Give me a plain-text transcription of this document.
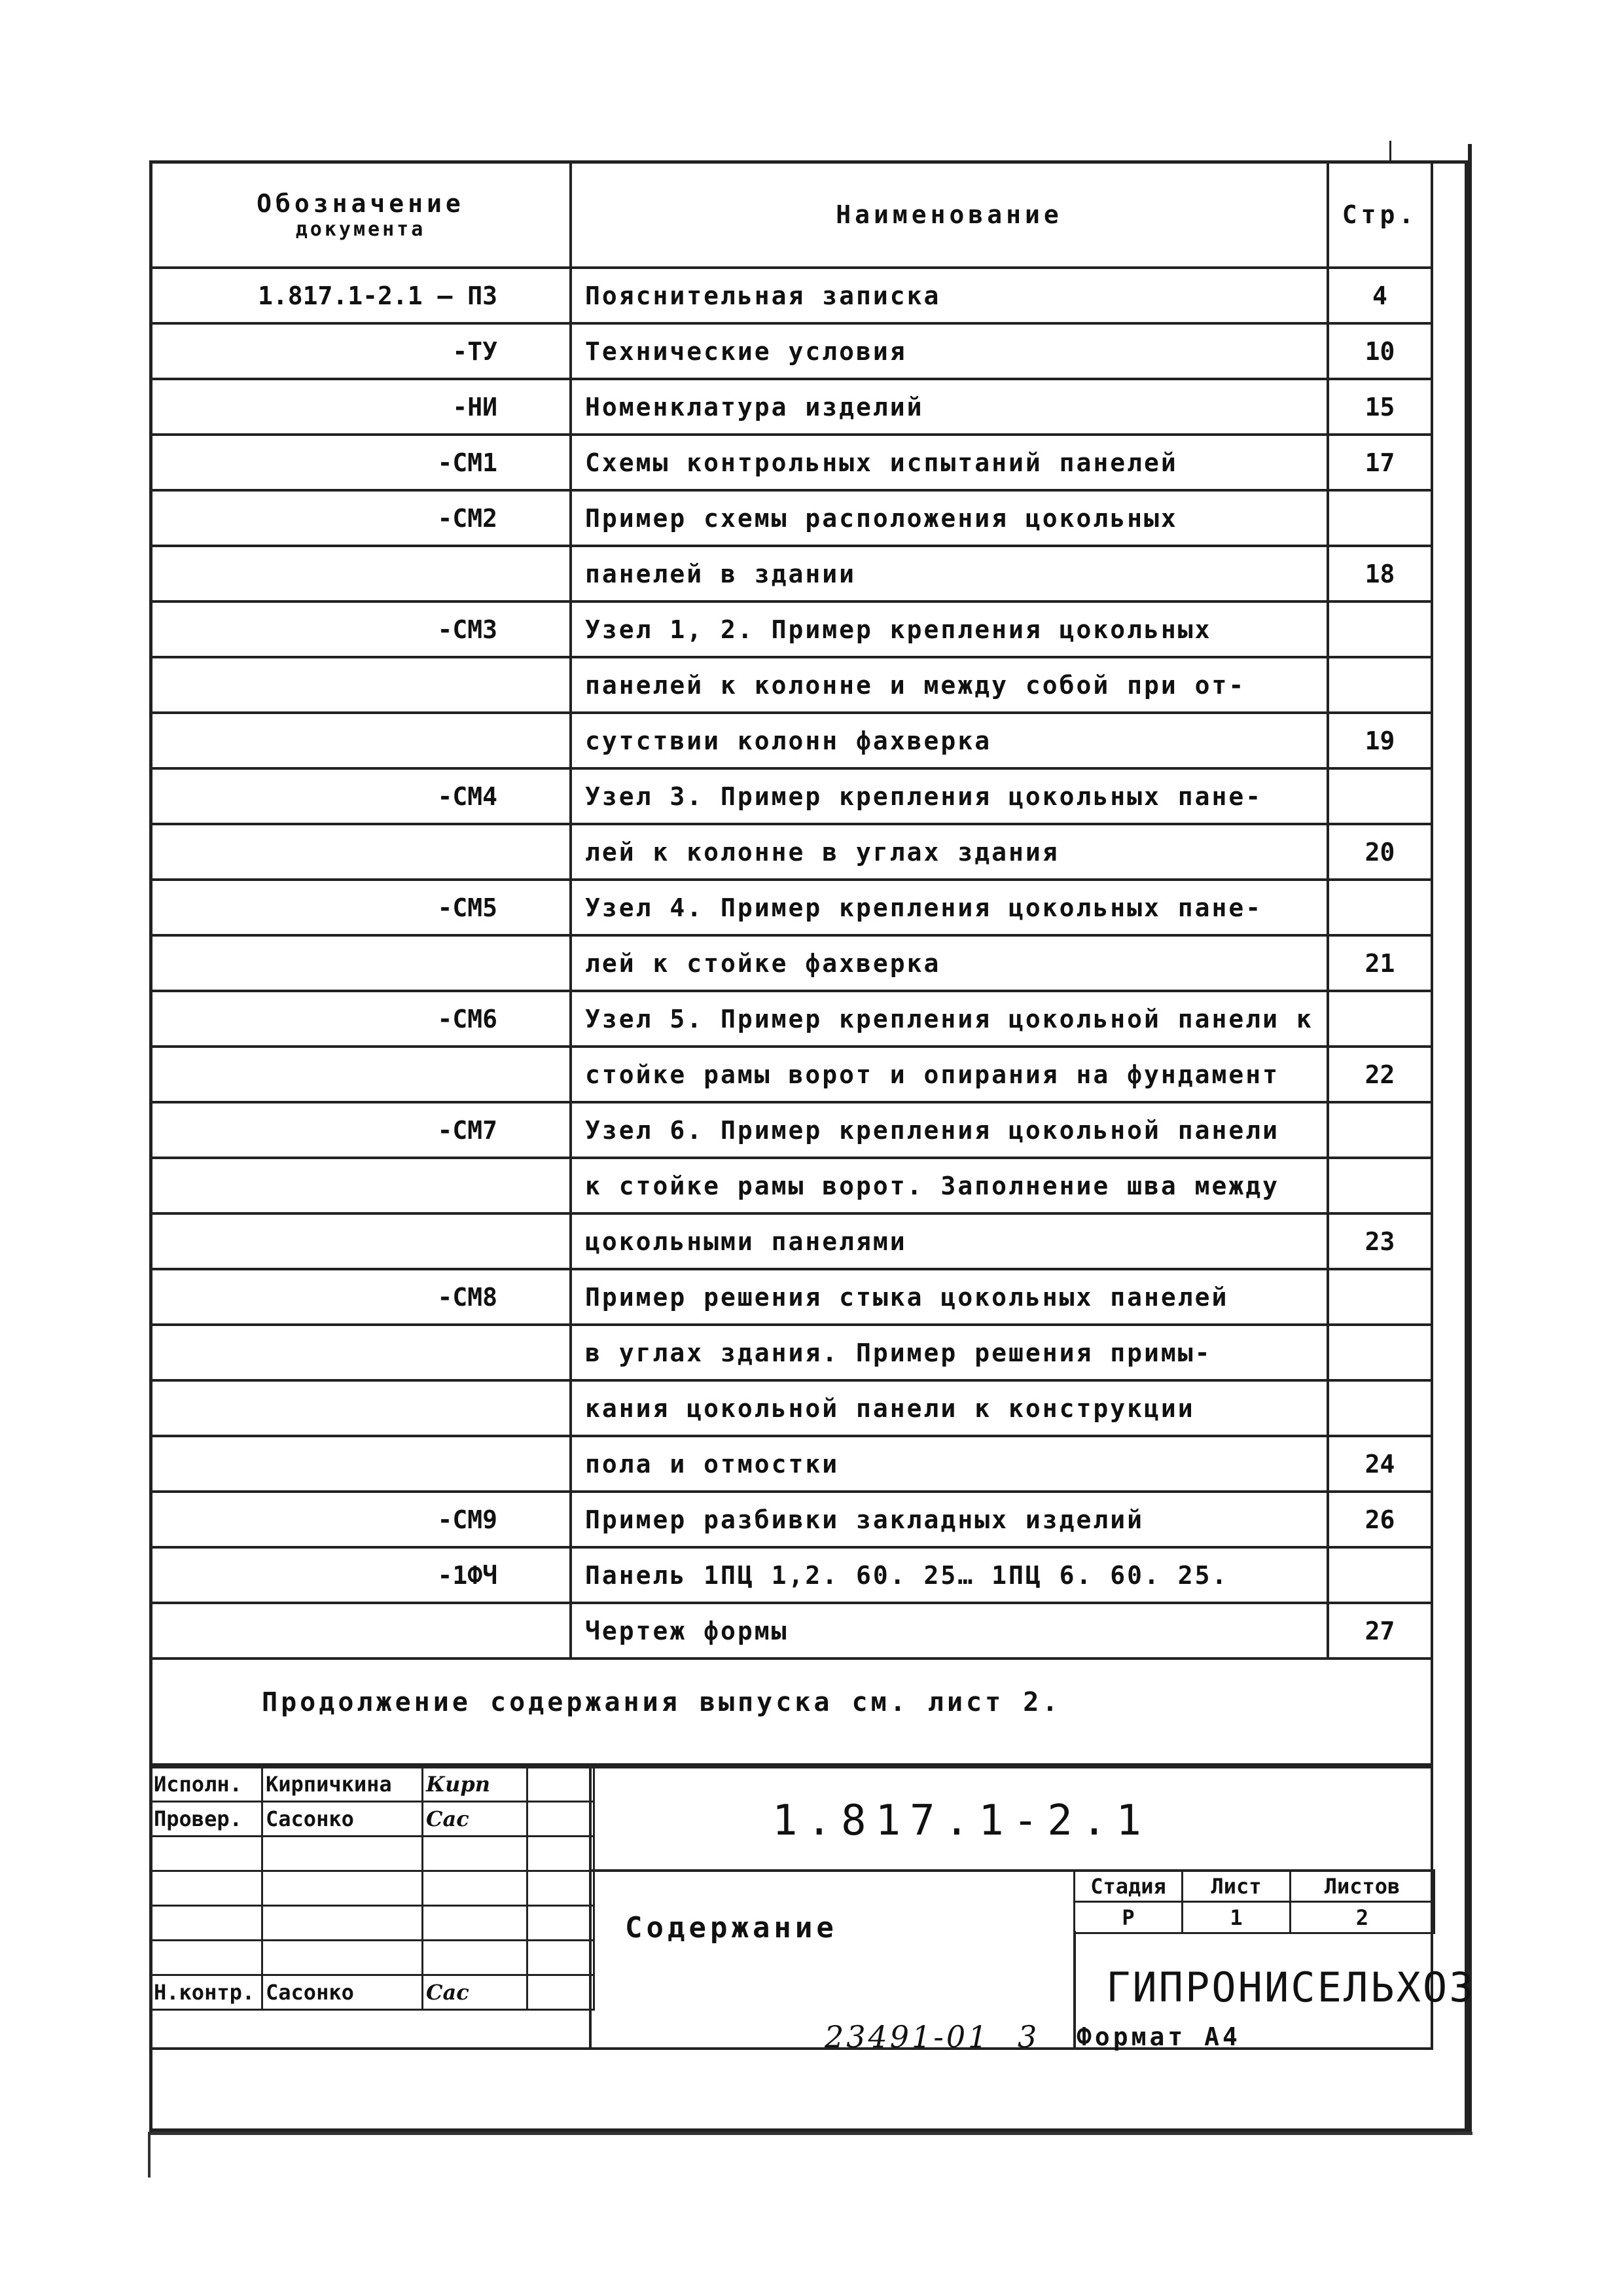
Обозначение
документа	Наименование	Стр.
1.817.1-2.1 – ПЗ	Пояснительная записка	4
-ТУ	Технические условия	10
-НИ	Номенклатура изделий	15
-СМ1	Схемы контрольных испытаний панелей	17
-СМ2	Пример схемы расположения цокольных	
	панелей в здании	18
-СМ3	Узел 1, 2. Пример крепления цокольных	
	панелей к колонне и между собой при от-	
	сутствии колонн фахверка	19
-СМ4	Узел 3. Пример крепления цокольных пане-	
	лей к колонне в углах здания	20
-СМ5	Узел 4. Пример крепления цокольных пане-	
	лей к стойке фахверка	21
-СМ6	Узел 5. Пример крепления цокольной панели к	
	стойке рамы ворот и опирания на фундамент	22
-СМ7	Узел 6. Пример крепления цокольной панели	
	к стойке рамы ворот. Заполнение шва между	
	цокольными панелями	23
-СМ8	Пример решения стыка цокольных панелей	
	в углах здания. Пример решения примы-	
	кания цокольной панели к конструкции	
	пола и отмостки	24
-СМ9	Пример разбивки закладных изделий	26
-1ФЧ	Панель 1ПЦ 1,2. 60. 25… 1ПЦ 6. 60. 25.	
	Чертеж формы	27
Продолжение содержания выпуска см. лист 2.
Исполн.	Кирпичкина	Кирп	
Провер.	Сасонко	Сас	

Н.контр.	Сасонко	Сас	
1.817.1-2.1
Содержание
Стадия	Лист	Листов
Р	1	2
ГИПРОНИСЕЛЬХОЗ
23491-01 3 Формат А4
